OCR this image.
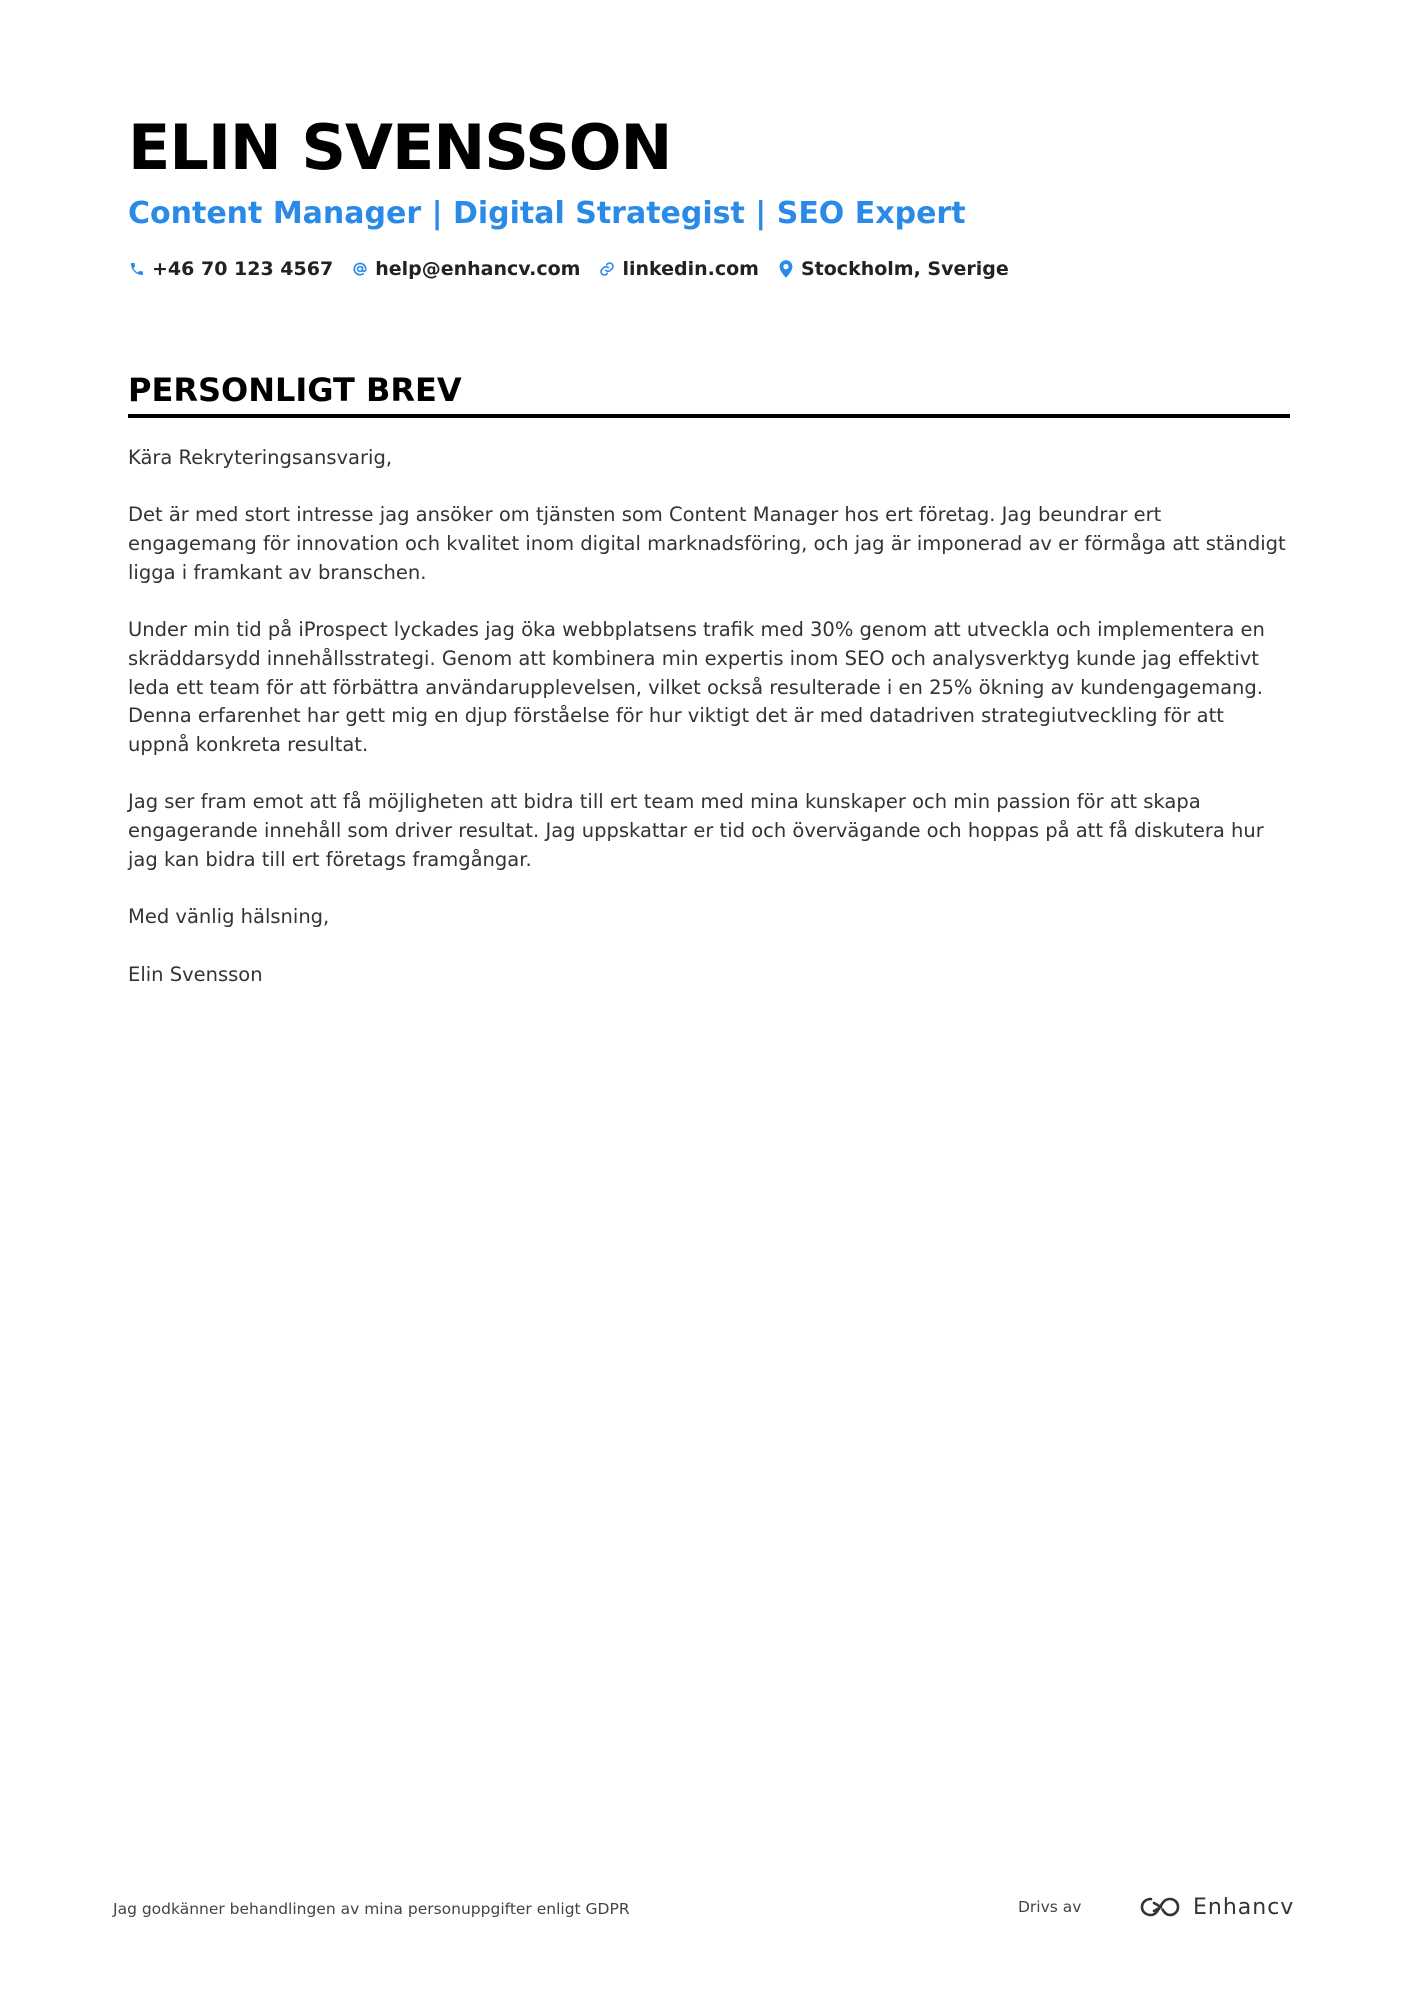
ELIN SVENSSON
Content Manager | Digital Strategist | SEO Expert
+46 70 123 4567 help@enhancv.com linkedin.com Stockholm, Sverige
PERSONLIGT BREV

Kära Rekryteringsansvarig,

Det är med stort intresse jag ansöker om tjänsten som Content Manager hos ert företag. Jag beundrar ert engagemang för innovation och kvalitet inom digital marknadsföring, och jag är imponerad av er förmåga att ständigt ligga i framkant av branschen.

Under min tid på iProspect lyckades jag öka webbplatsens trafik med 30% genom att utveckla och implementera en skräddarsydd innehållsstrategi. Genom att kombinera min expertis inom SEO och analysverktyg kunde jag effektivt leda ett team för att förbättra användarupplevelsen, vilket också resulterade i en 25% ökning av kundengagemang. Denna erfarenhet har gett mig en djup förståelse för hur viktigt det är med datadriven strategiutveckling för att uppnå konkreta resultat.

Jag ser fram emot att få möjligheten att bidra till ert team med mina kunskaper och min passion för att skapa engagerande innehåll som driver resultat. Jag uppskattar er tid och övervägande och hoppas på att få diskutera hur jag kan bidra till ert företags framgångar.

Med vänlig hälsning,

Elin Svensson

Jag godkänner behandlingen av mina personuppgifter enligt GDPR	Drivs av	Enhancv
